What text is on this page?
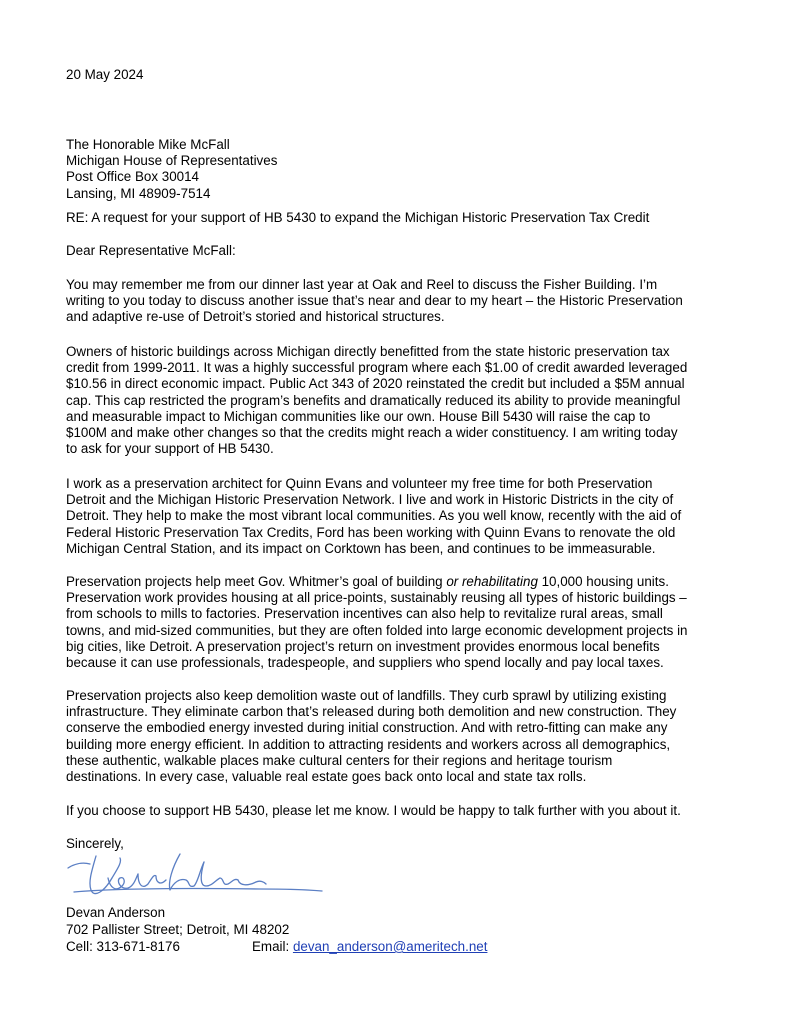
20 May 2024

The Honorable Mike McFall
Michigan House of Representatives
Post Office Box 30014
Lansing, MI 48909-7514

RE: A request for your support of HB 5430 to expand the Michigan Historic Preservation Tax Credit

Dear Representative McFall:

You may remember me from our dinner last year at Oak and Reel to discuss the Fisher Building. I’m
writing to you today to discuss another issue that’s near and dear to my heart – the Historic Preservation
and adaptive re-use of Detroit’s storied and historical structures.
Owners of historic buildings across Michigan directly benefitted from the state historic preservation tax
credit from 1999-2011. It was a highly successful program where each $1.00 of credit awarded leveraged
$10.56 in direct economic impact. Public Act 343 of 2020 reinstated the credit but included a $5M annual
cap. This cap restricted the program’s benefits and dramatically reduced its ability to provide meaningful
and measurable impact to Michigan communities like our own. House Bill 5430 will raise the cap to
$100M and make other changes so that the credits might reach a wider constituency. I am writing today
to ask for your support of HB 5430.
I work as a preservation architect for Quinn Evans and volunteer my free time for both Preservation
Detroit and the Michigan Historic Preservation Network. I live and work in Historic Districts in the city of
Detroit. They help to make the most vibrant local communities. As you well know, recently with the aid of
Federal Historic Preservation Tax Credits, Ford has been working with Quinn Evans to renovate the old
Michigan Central Station, and its impact on Corktown has been, and continues to be immeasurable.
Preservation projects help meet Gov. Whitmer’s goal of building or rehabilitating 10,000 housing units.
Preservation work provides housing at all price-points, sustainably reusing all types of historic buildings –
from schools to mills to factories. Preservation incentives can also help to revitalize rural areas, small
towns, and mid-sized communities, but they are often folded into large economic development projects in
big cities, like Detroit. A preservation project’s return on investment provides enormous local benefits
because it can use professionals, tradespeople, and suppliers who spend locally and pay local taxes.
Preservation projects also keep demolition waste out of landfills. They curb sprawl by utilizing existing
infrastructure. They eliminate carbon that’s released during both demolition and new construction. They
conserve the embodied energy invested during initial construction. And with retro-fitting can make any
building more energy efficient. In addition to attracting residents and workers across all demographics,
these authentic, walkable places make cultural centers for their regions and heritage tourism
destinations. In every case, valuable real estate goes back onto local and state tax rolls.

If you choose to support HB 5430, please let me know. I would be happy to talk further with you about it.

Sincerely,

Devan Anderson

702 Pallister Street; Detroit, MI 48202

Cell: 313-671-8176	Email: devan_anderson@ameritech.net
